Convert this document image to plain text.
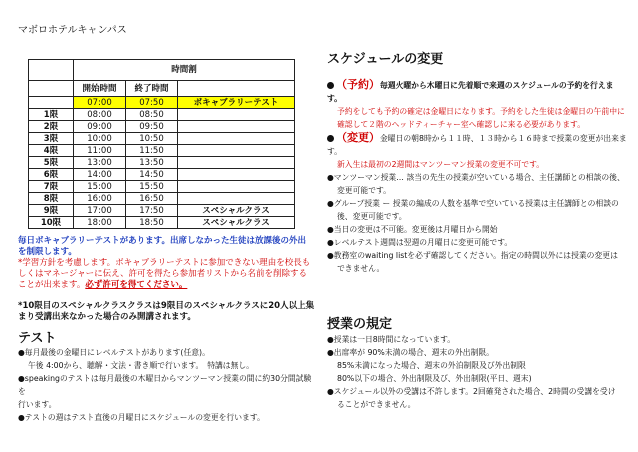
マボロホテルキャンパス
	時間割		
	開始時間	終了時間	
	07:00	07:50	ボキャブラリーテスト
1限	08:00	08:50	
2限	09:00	09:50	
3限	10:00	10:50	
4限	11:00	11:50	
5限	13:00	13:50	
6限	14:00	14:50	
7限	15:00	15:50	
8限	16:00	16:50	
9限	17:00	17:50	スペシャルクラス
10限	18:00	18:50	スペシャルクラス
毎日ボキャブラリーテストがあります。出席しなかった生徒は放課後の外出を制限します。
*学習方針を考慮します。ボキャブラリーテストに参加できない理由を校長もしくはマネージャーに伝え、許可を得たら参加者リストから名前を削除することが出来ます。必ず許可を得てください。
*10限目のスペシャルクラスクラスは9限目のスペシャルクラスに20人以上集まり受講出来なかった場合のみ開講されます。
テスト
●毎月最後の金曜日にレベルテストがあります(任意)。
午後 4:00から、聴解・文法・書き順で行います。　特講は無し。
●speakingのテストは毎月最後の木曜日からマンツーマン授業の間に約30分間試験を
行います。
●テストの週はテスト直後の月曜日にスケジュールの変更を行います。
スケジュールの変更
（予約）毎週火曜から木曜日に先着順で来週のスケジュールの予約を行えます。
予約をしても予約の確定は金曜日になります。予約をした生徒は金曜日の午前中に確認して２階のヘッドティーチャー室へ確認しに来る必要があります。
（変更）金曜日の朝8時から１１時、１３時から１６時まで授業の変更が出来ます。
新入生は最初の2週間はマンツーマン授業の変更不可です。
●マンツーマン授業… 該当の先生の授業が空いている場合、主任講師との相談の後、
変更可能です。
●グループ授業 ー 授業の編成の人数を基準で空いている授業は主任講師との相談の
後、変更可能です。
●当日の変更は不可能。変更後は月曜日から開始
●レベルテスト週間は翌週の月曜日に変更可能です。
●教務室のwaiting listを必ず確認してください。指定の時間以外には授業の変更は
できません。
授業の規定
●授業は一日8時間になっています。
●出席率が 90%未満の場合、週末の外出制限。
85%未満になった場合、週末の外泊制限及び外出制限
80%以下の場合、外出制限及び、外出制限(平日、週末)
●スケジュール以外の受講は不許します。2回確発された場合、2時間の受講を受け
ることができません。
